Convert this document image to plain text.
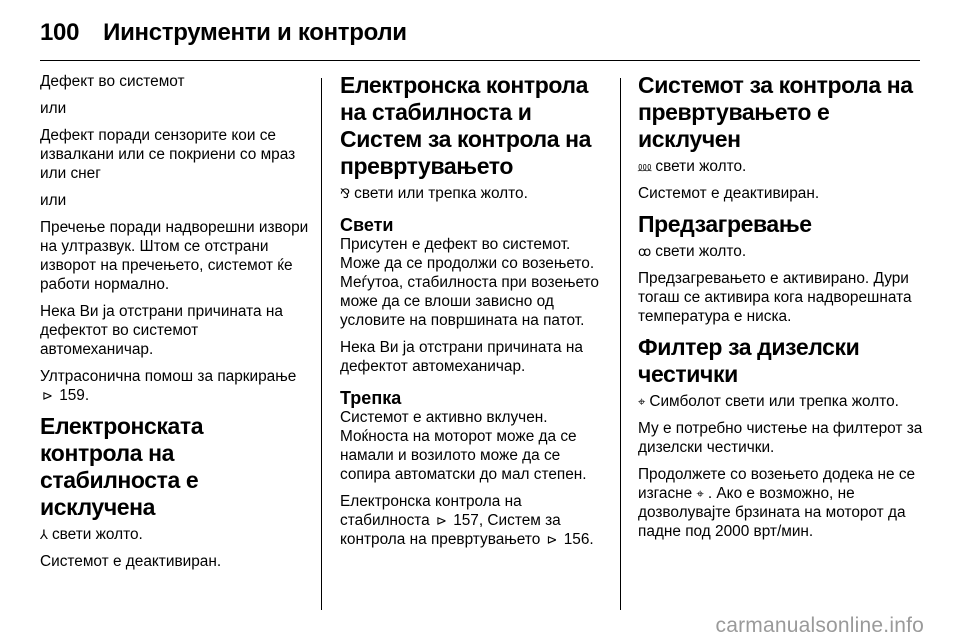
100 Иинструменти и контроли

Дефект во системот

или

Дефект поради сензорите кои се извалкани или се покриени со мраз или снег

или

Пречење поради надворешни извори на ултразвук. Штом се отстрани изворот на пречењето, системот ќе работи нормално.

Нека Ви ја отстрани причината на дефектот во системот автомеханичар.

Ултрасонична помош за паркирање ⊳ 159.

Електронската контрола на стабилноста е исклучена

⅄ свети жолто.

Системот е деактивиран.

Електронска контрола на стабилноста и Систем за контрола на превртувањето

⅋ свети или трепка жолто.

Свети

Присутен е дефект во системот. Може да се продолжи со возењето. Меѓутоа, стабилноста при возењето може да се влоши зависно од условите на површината на патот.

Нека Ви ја отстрани причината на дефектот автомеханичар.

Трепка

Системот е активно вклучен. Моќноста на моторот може да се намали и возилото може да се сопира автоматски до мал степен.

Електронска контрола на стабилноста ⊳ 157, Систем за контрола на превртувањето ⊳ 156.

Системот за контрола на превртувањето е исклучен

⅏ свети жолто.

Системот е деактивиран.

Предзагревање

ꝏ свети жолто.

Предзагревањето е активирано. Дури тогаш се активира кога надворешната температура е ниска.

Филтер за дизелски честички

⌖ Симболот свети или трепка жолто.

Му е потребно чистење на филтерот за дизелски честички.

Продолжете со возењето додека не се изгасне ⌖ . Ако е возможно, не дозволувајте брзината на моторот да падне под 2000 врт/мин.

carmanualsonline.info
